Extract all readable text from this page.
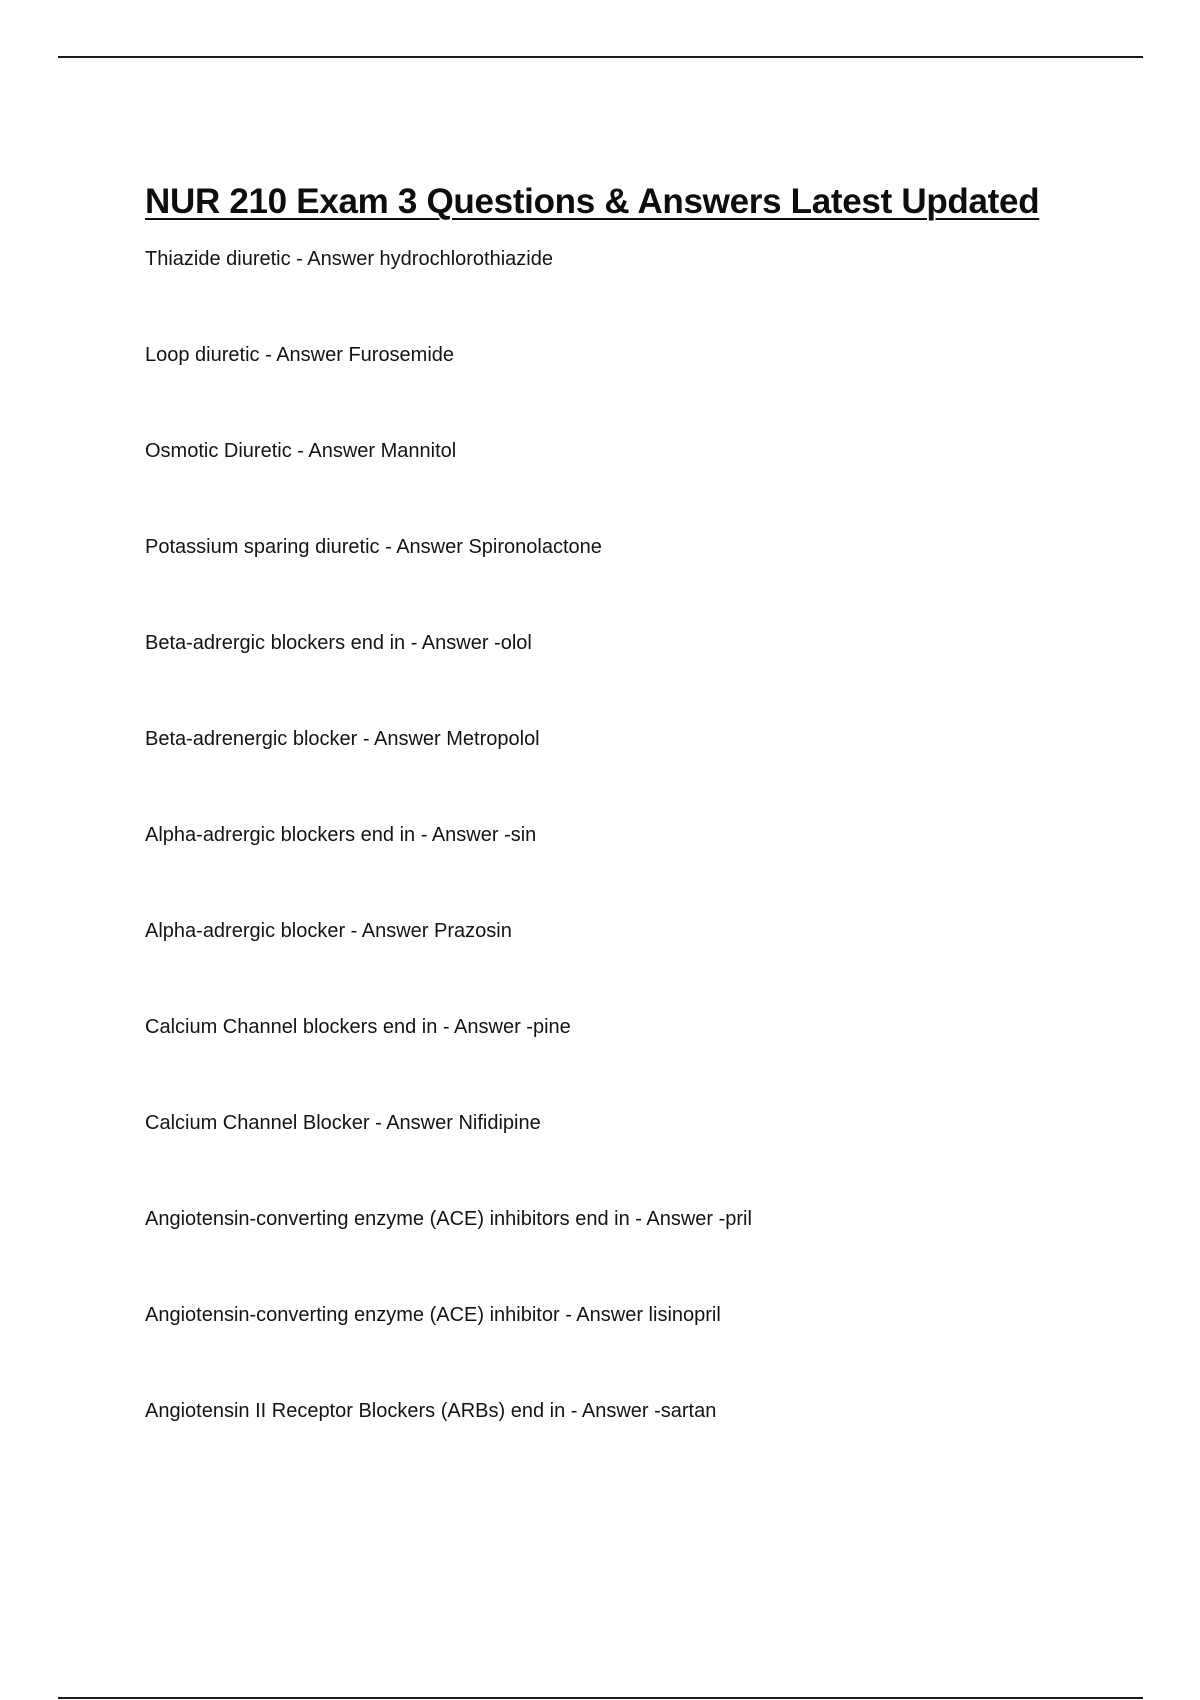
NUR 210 Exam 3 Questions & Answers Latest Updated
Thiazide diuretic - Answer hydrochlorothiazide
Loop diuretic - Answer Furosemide
Osmotic Diuretic - Answer Mannitol
Potassium sparing diuretic - Answer Spironolactone
Beta-adrergic blockers end in - Answer -olol
Beta-adrenergic blocker - Answer Metropolol
Alpha-adrergic blockers end in - Answer -sin
Alpha-adrergic blocker - Answer Prazosin
Calcium Channel blockers end in - Answer -pine
Calcium Channel Blocker - Answer Nifidipine
Angiotensin-converting enzyme (ACE) inhibitors end in - Answer -pril
Angiotensin-converting enzyme (ACE) inhibitor - Answer lisinopril
Angiotensin II Receptor Blockers (ARBs) end in - Answer -sartan
